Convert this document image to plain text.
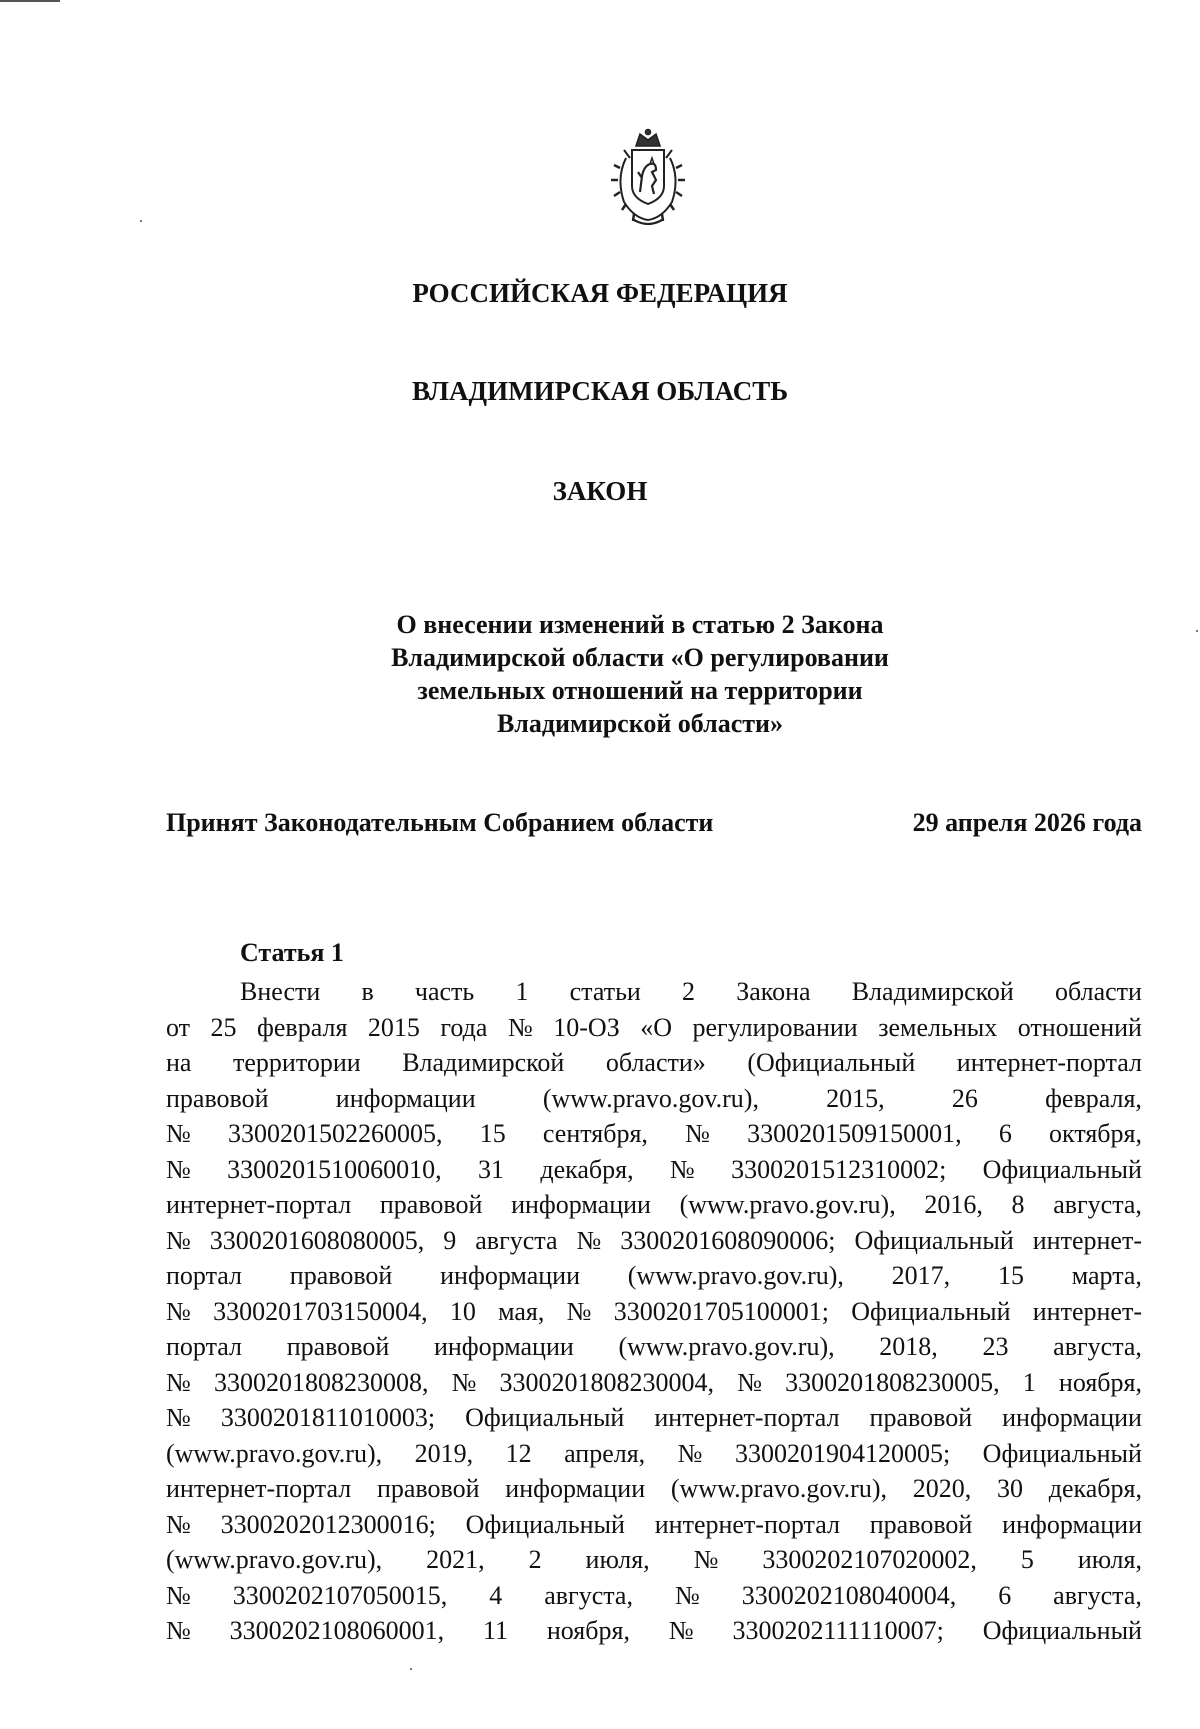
РОССИЙСКАЯ ФЕДЕРАЦИЯ
ВЛАДИМИРСКАЯ ОБЛАСТЬ
ЗАКОН
О внесении изменений в статью 2 Закона
Владимирской области «О регулировании
земельных отношений на территории
Владимирской области»
Принят Законодательным Собранием области	29 апреля 2026 года
Статья 1
Внести в часть 1 статьи 2 Закона Владимирской области
от 25 февраля 2015 года № 10-ОЗ «О регулировании земельных отношений
на территории Владимирской области» (Официальный интернет-портал
правовой	информации	(www.pravo.gov.ru),	2015,	26	февраля,
№ 3300201502260005, 15 сентября, № 3300201509150001, 6 октября,
№ 3300201510060010, 31 декабря, № 3300201512310002; Официальный
интернет-портал правовой информации (www.pravo.gov.ru), 2016, 8 августа,
№ 3300201608080005, 9 августа № 3300201608090006; Официальный интернет-
портал правовой информации (www.pravo.gov.ru), 2017, 15 марта,
№ 3300201703150004, 10 мая, № 3300201705100001; Официальный интернет-
портал правовой информации (www.pravo.gov.ru), 2018, 23 августа,
№ 3300201808230008, № 3300201808230004, № 3300201808230005, 1 ноября,
№ 3300201811010003; Официальный интернет-портал правовой информации
(www.pravo.gov.ru), 2019, 12 апреля, № 3300201904120005; Официальный
интернет-портал правовой информации (www.pravo.gov.ru), 2020, 30 декабря,
№ 3300202012300016; Официальный интернет-портал правовой информации
(www.pravo.gov.ru), 2021, 2 июля, № 3300202107020002, 5 июля,
№ 3300202107050015, 4 августа, № 3300202108040004, 6 августа,
№ 3300202108060001, 11 ноября, № 3300202111110007; Официальный
